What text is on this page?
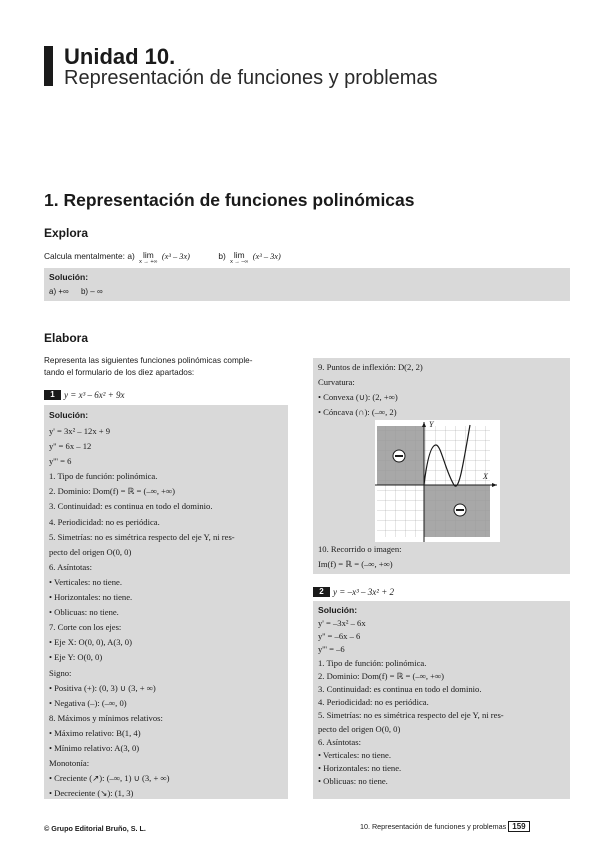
Unidad 10.
Representación de funciones y problemas
1. Representación de funciones polinómicas
Explora
Calcula mentalmente: a) lim
x → +∞
(x³ – 3x)	b) lim
x → –∞
(x³ – 3x)
Solución:
a) +∞ b) – ∞
Elabora
Representa las siguientes funciones polinómicas comple-
tando el formulario de los diez apartados:
1 y = x³ – 6x² + 9x
Solución:
y' = 3x² – 12x + 9
y'' = 6x – 12
y''' = 6
1. Tipo de función: polinómica.
2. Dominio: Dom(f) = ℝ = (–∞, +∞)
3. Continuidad: es continua en todo el dominio.
4. Periodicidad: no es periódica.
5. Simetrías: no es simétrica respecto del eje Y, ni res-
pecto del origen O(0, 0)
6. Asíntotas:
• Verticales: no tiene.
• Horizontales: no tiene.
• Oblicuas: no tiene.
7. Corte con los ejes:
• Eje X: O(0, 0), A(3, 0)
• Eje Y: O(0, 0)
Signo:
• Positiva (+): (0, 3) ∪ (3, + ∞)
• Negativa (–): (–∞, 0)
8. Máximos y mínimos relativos:
• Máximo relativo: B(1, 4)
• Mínimo relativo: A(3, 0)
Monotonía:
• Creciente (↗): (–∞, 1) ∪ (3, + ∞)
• Decreciente (↘): (1, 3)
9. Puntos de inflexión: D(2, 2)
Curvatura:
• Convexa (∪): (2, +∞)
• Cóncava (∩): (–∞, 2)
X
Y
10. Recorrido o imagen:
Im(f) = ℝ = (–∞, +∞)
2 y = –x³ – 3x² + 2
Solución:
y' = –3x² – 6x
y'' = –6x – 6
y''' = –6
1. Tipo de función: polinómica.
2. Dominio: Dom(f) = ℝ = (–∞, +∞)
3. Continuidad: es continua en todo el dominio.
4. Periodicidad: no es periódica.
5. Simetrías: no es simétrica respecto del eje Y, ni res-
pecto del origen O(0, 0)
6. Asíntotas:
• Verticales: no tiene.
• Horizontales: no tiene.
• Oblicuas: no tiene.
© Grupo Editorial Bruño, S. L.	10. Representación de funciones y problemas 159
